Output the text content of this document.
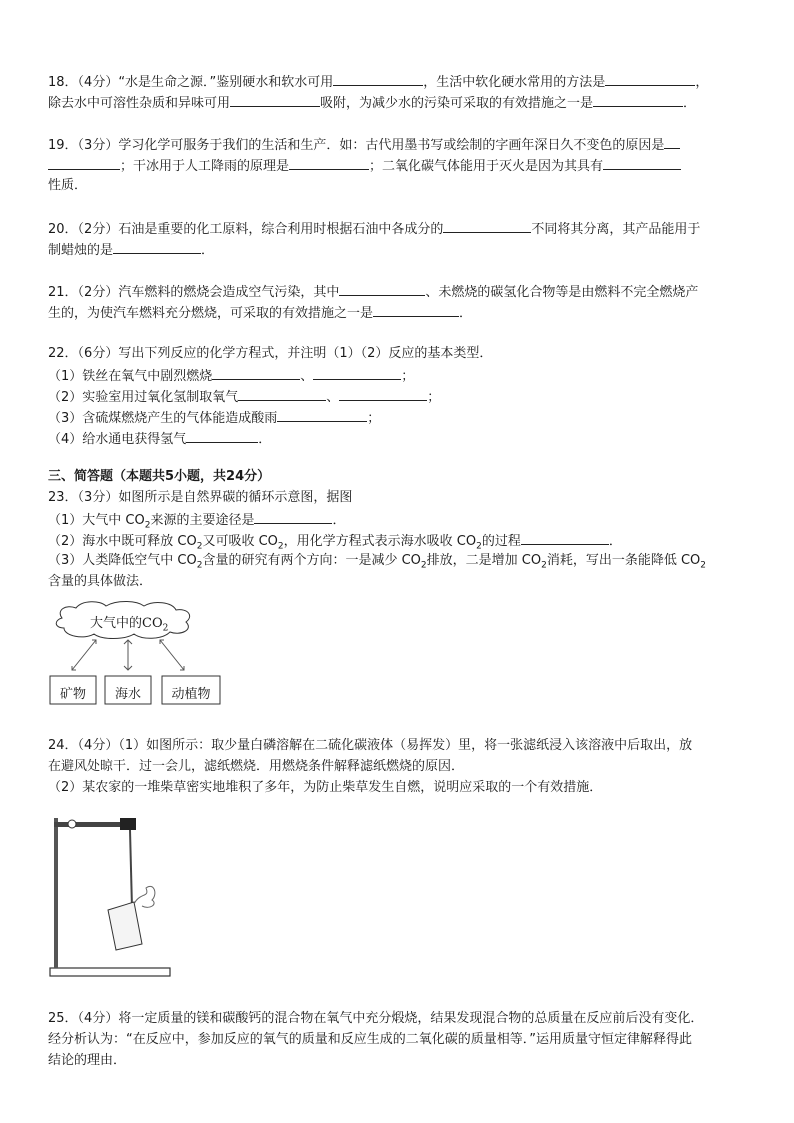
18．（4分）“水是生命之源．”鉴别硬水和软水可用	，生活中软化硬水常用的方法是	，
除去水中可溶性杂质和异味可用	吸附，为减少水的污染可采取的有效措施之一是	．
19．（3分）学习化学可服务于我们的生活和生产．如：古代用墨书写或绘制的字画年深日久不变色的原因是
；干冰用于人工降雨的原理是	；二氧化碳气体能用于灭火是因为其具有
性质．
20．（2分）石油是重要的化工原料，综合利用时根据石油中各成分的	不同将其分离，其产品能用于
制蜡烛的是	．
21．（2分）汽车燃料的燃烧会造成空气污染，其中	、未燃烧的碳氢化合物等是由燃料不完全燃烧产
生的，为使汽车燃料充分燃烧，可采取的有效措施之一是	．
22．（6分）写出下列反应的化学方程式，并注明（1）（2）反应的基本类型．
（1）铁丝在氧气中剧烈燃烧	、	；
（2）实验室用过氧化氢制取氧气	、	；
（3）含硫煤燃烧产生的气体能造成酸雨	；
（4）给水通电获得氢气	．
三、简答题（本题共5小题，共24分）
23．（3分）如图所示是自然界碳的循环示意图，据图
（1）大气中 $CO_2$来源的主要途径是	．
（2）海水中既可释放 $CO_2$又可吸收 $CO_2$，用化学方程式表示海水吸收 $CO_2$的过程	．
（3）人类降低空气中 $CO_2$含量的研究有两个方向：一是减少 $CO_2$排放，二是增加 $CO_2$消耗，写出一条能降低 $CO_2$
含量的具体做法．
大气中的$CO_2$
矿物	海水	动植物
24．（4分）（1）如图所示：取少量白磷溶解在二硫化碳液体（易挥发）里，将一张滤纸浸入该溶液中后取出，放
在避风处晾干．过一会儿，滤纸燃烧．用燃烧条件解释滤纸燃烧的原因．
（2）某农家的一堆柴草密实地堆积了多年，为防止柴草发生自燃，说明应采取的一个有效措施．
25．（4分）将一定质量的镁和碳酸钙的混合物在氧气中充分煅烧，结果发现混合物的总质量在反应前后没有变化．
经分析认为：“在反应中，参加反应的氧气的质量和反应生成的二氧化碳的质量相等．”运用质量守恒定律解释得此
结论的理由．
